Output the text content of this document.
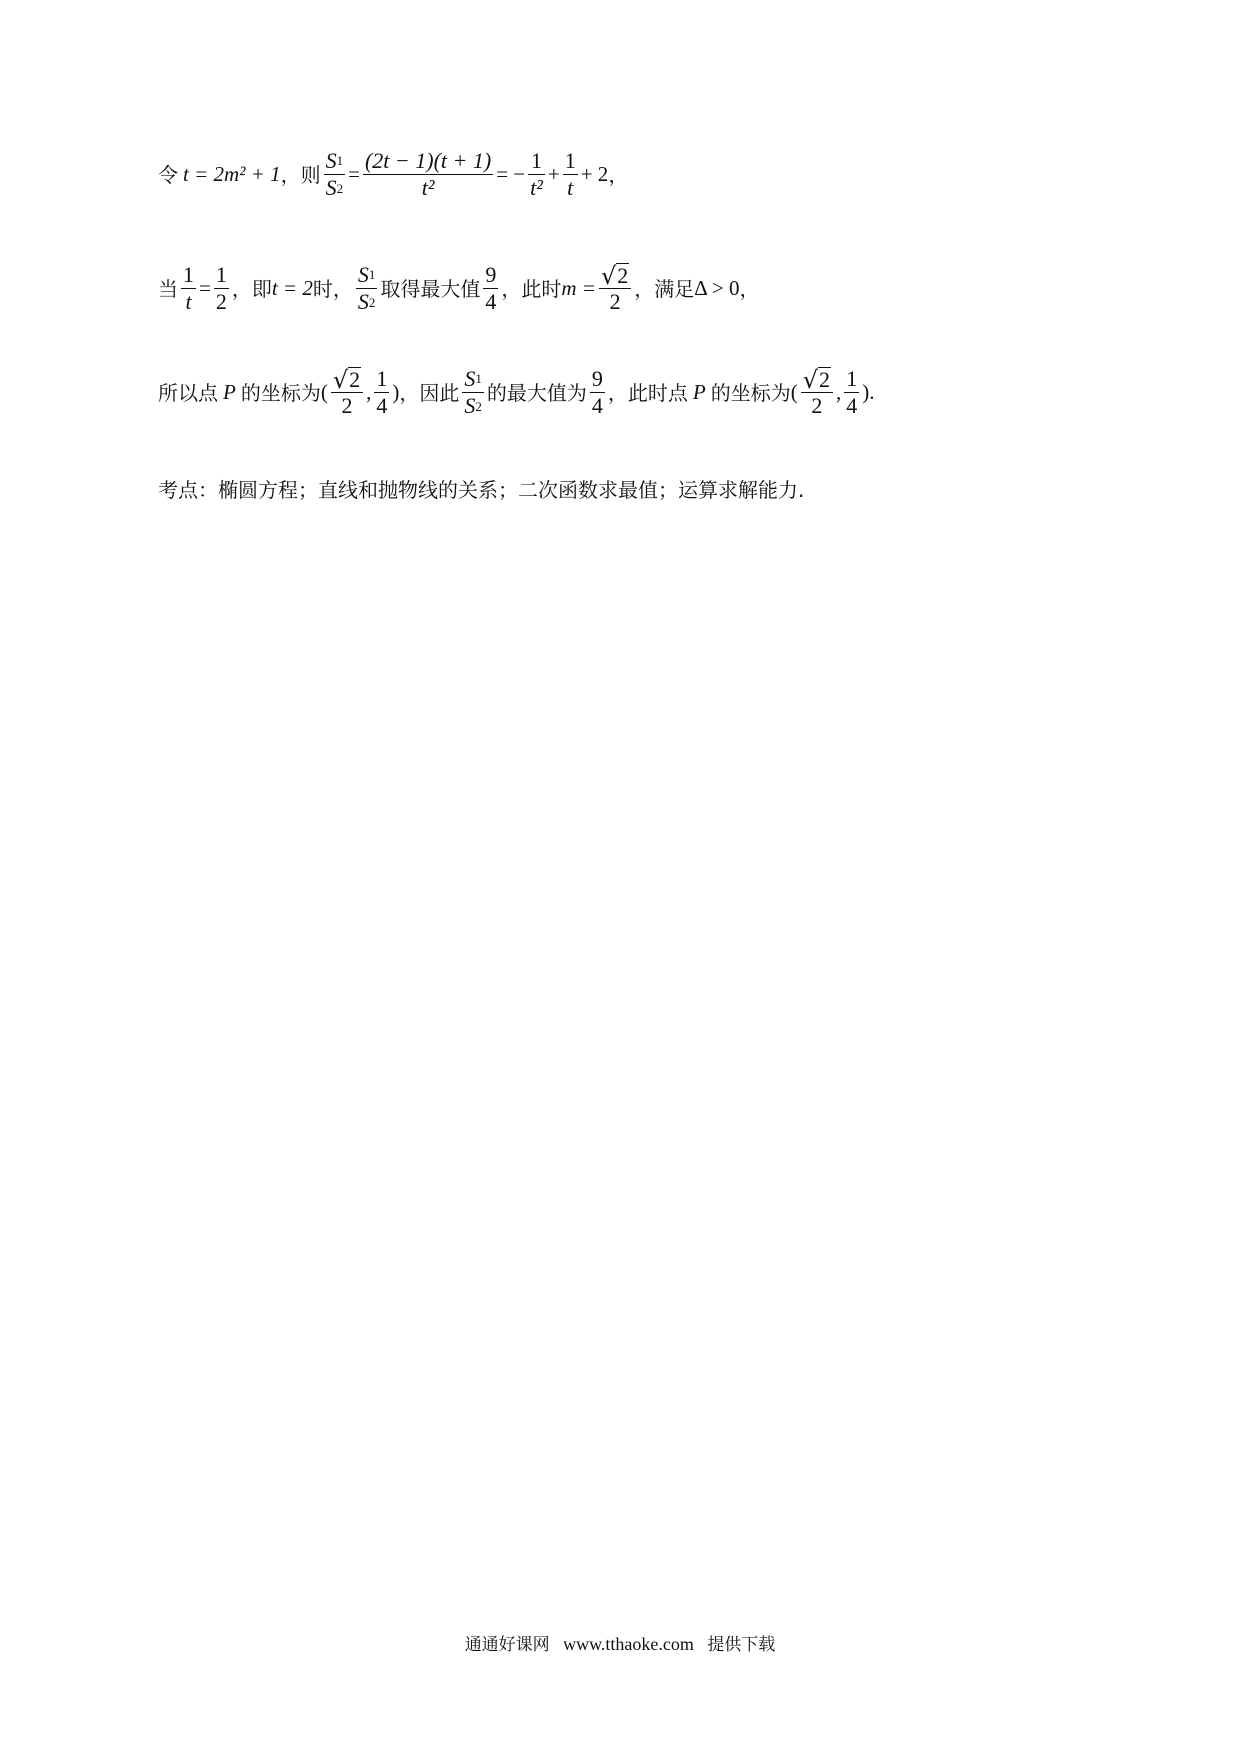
令 t = 2m² + 1 ，则 $\frac{S 1}{S 2} = \frac{(2t - 1)(t + 1)}{\text{t²}}$ = − $\frac{1}{\text{t²}} + \frac{1}{t} + 2$ ，
当 $\frac{1}{t} = \frac{1}{2}$ ，即 t = 2 时， $\frac{S 1}{S 2}$ 取得最大值 $\frac{9}{4}$ ，此时 $m = \frac{√ 2}{2}$ ，满足 Δ > 0 ，
所以点 P 的坐标为 ( $\frac{√ 2}{2}$ , $\frac{1}{4}$ ) ，因此 $\frac{S 1}{S 2}$ 的最大值为 $\frac{9}{4}$ ，此时点 P 的坐标为 ( $\frac{√ 2}{2}$ , $\frac{1}{4}$ ).
考点：椭圆方程；直线和抛物线的关系；二次函数求最值；运算求解能力.
通通好课网 www.tthaoke.com 提供下载
